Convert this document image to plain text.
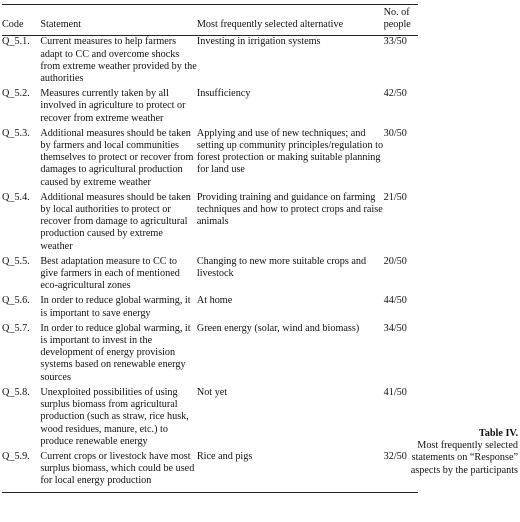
Code	Statement	Most frequently selected alternative	No. of people
Q_5.1.	Current measures to help farmers adapt to CC and overcome shocks from extreme weather provided by the authorities	Investing in irrigation systems	33/50
Q_5.2.	Measures currently taken by all involved in agriculture to protect or recover from extreme weather	Insufficiency	42/50
Q_5.3.	Additional measures should be taken by farmers and local communities themselves to protect or recover from damages to agricultural production caused by extreme weather	Applying and use of new techniques; and setting up community principles/regulation to forest protection or making suitable planning for land use	30/50
Q_5.4.	Additional measures should be taken by local authorities to protect or recover from damage to agricultural production caused by extreme weather	Providing training and guidance on farming techniques and how to protect crops and raise animals	21/50
Q_5.5.	Best adaptation measure to CC to give farmers in each of mentioned eco-agricultural zones	Changing to new more suitable crops and livestock	20/50
Q_5.6.	In order to reduce global warming, it is important to save energy	At home	44/50
Q_5.7.	In order to reduce global warming, it is important to invest in the development of energy provision systems based on renewable energy sources	Green energy (solar, wind and biomass)	34/50
Q_5.8.	Unexploited possibilities of using surplus biomass from agricultural production (such as straw, rice husk, wood residues, manure, etc.) to produce renewable energy	Not yet	41/50
Q_5.9.	Current crops or livestock have most surplus biomass, which could be used for local energy production	Rice and pigs	32/50
Table IV.
Most frequently selected statements on “Response” aspects by the participants
